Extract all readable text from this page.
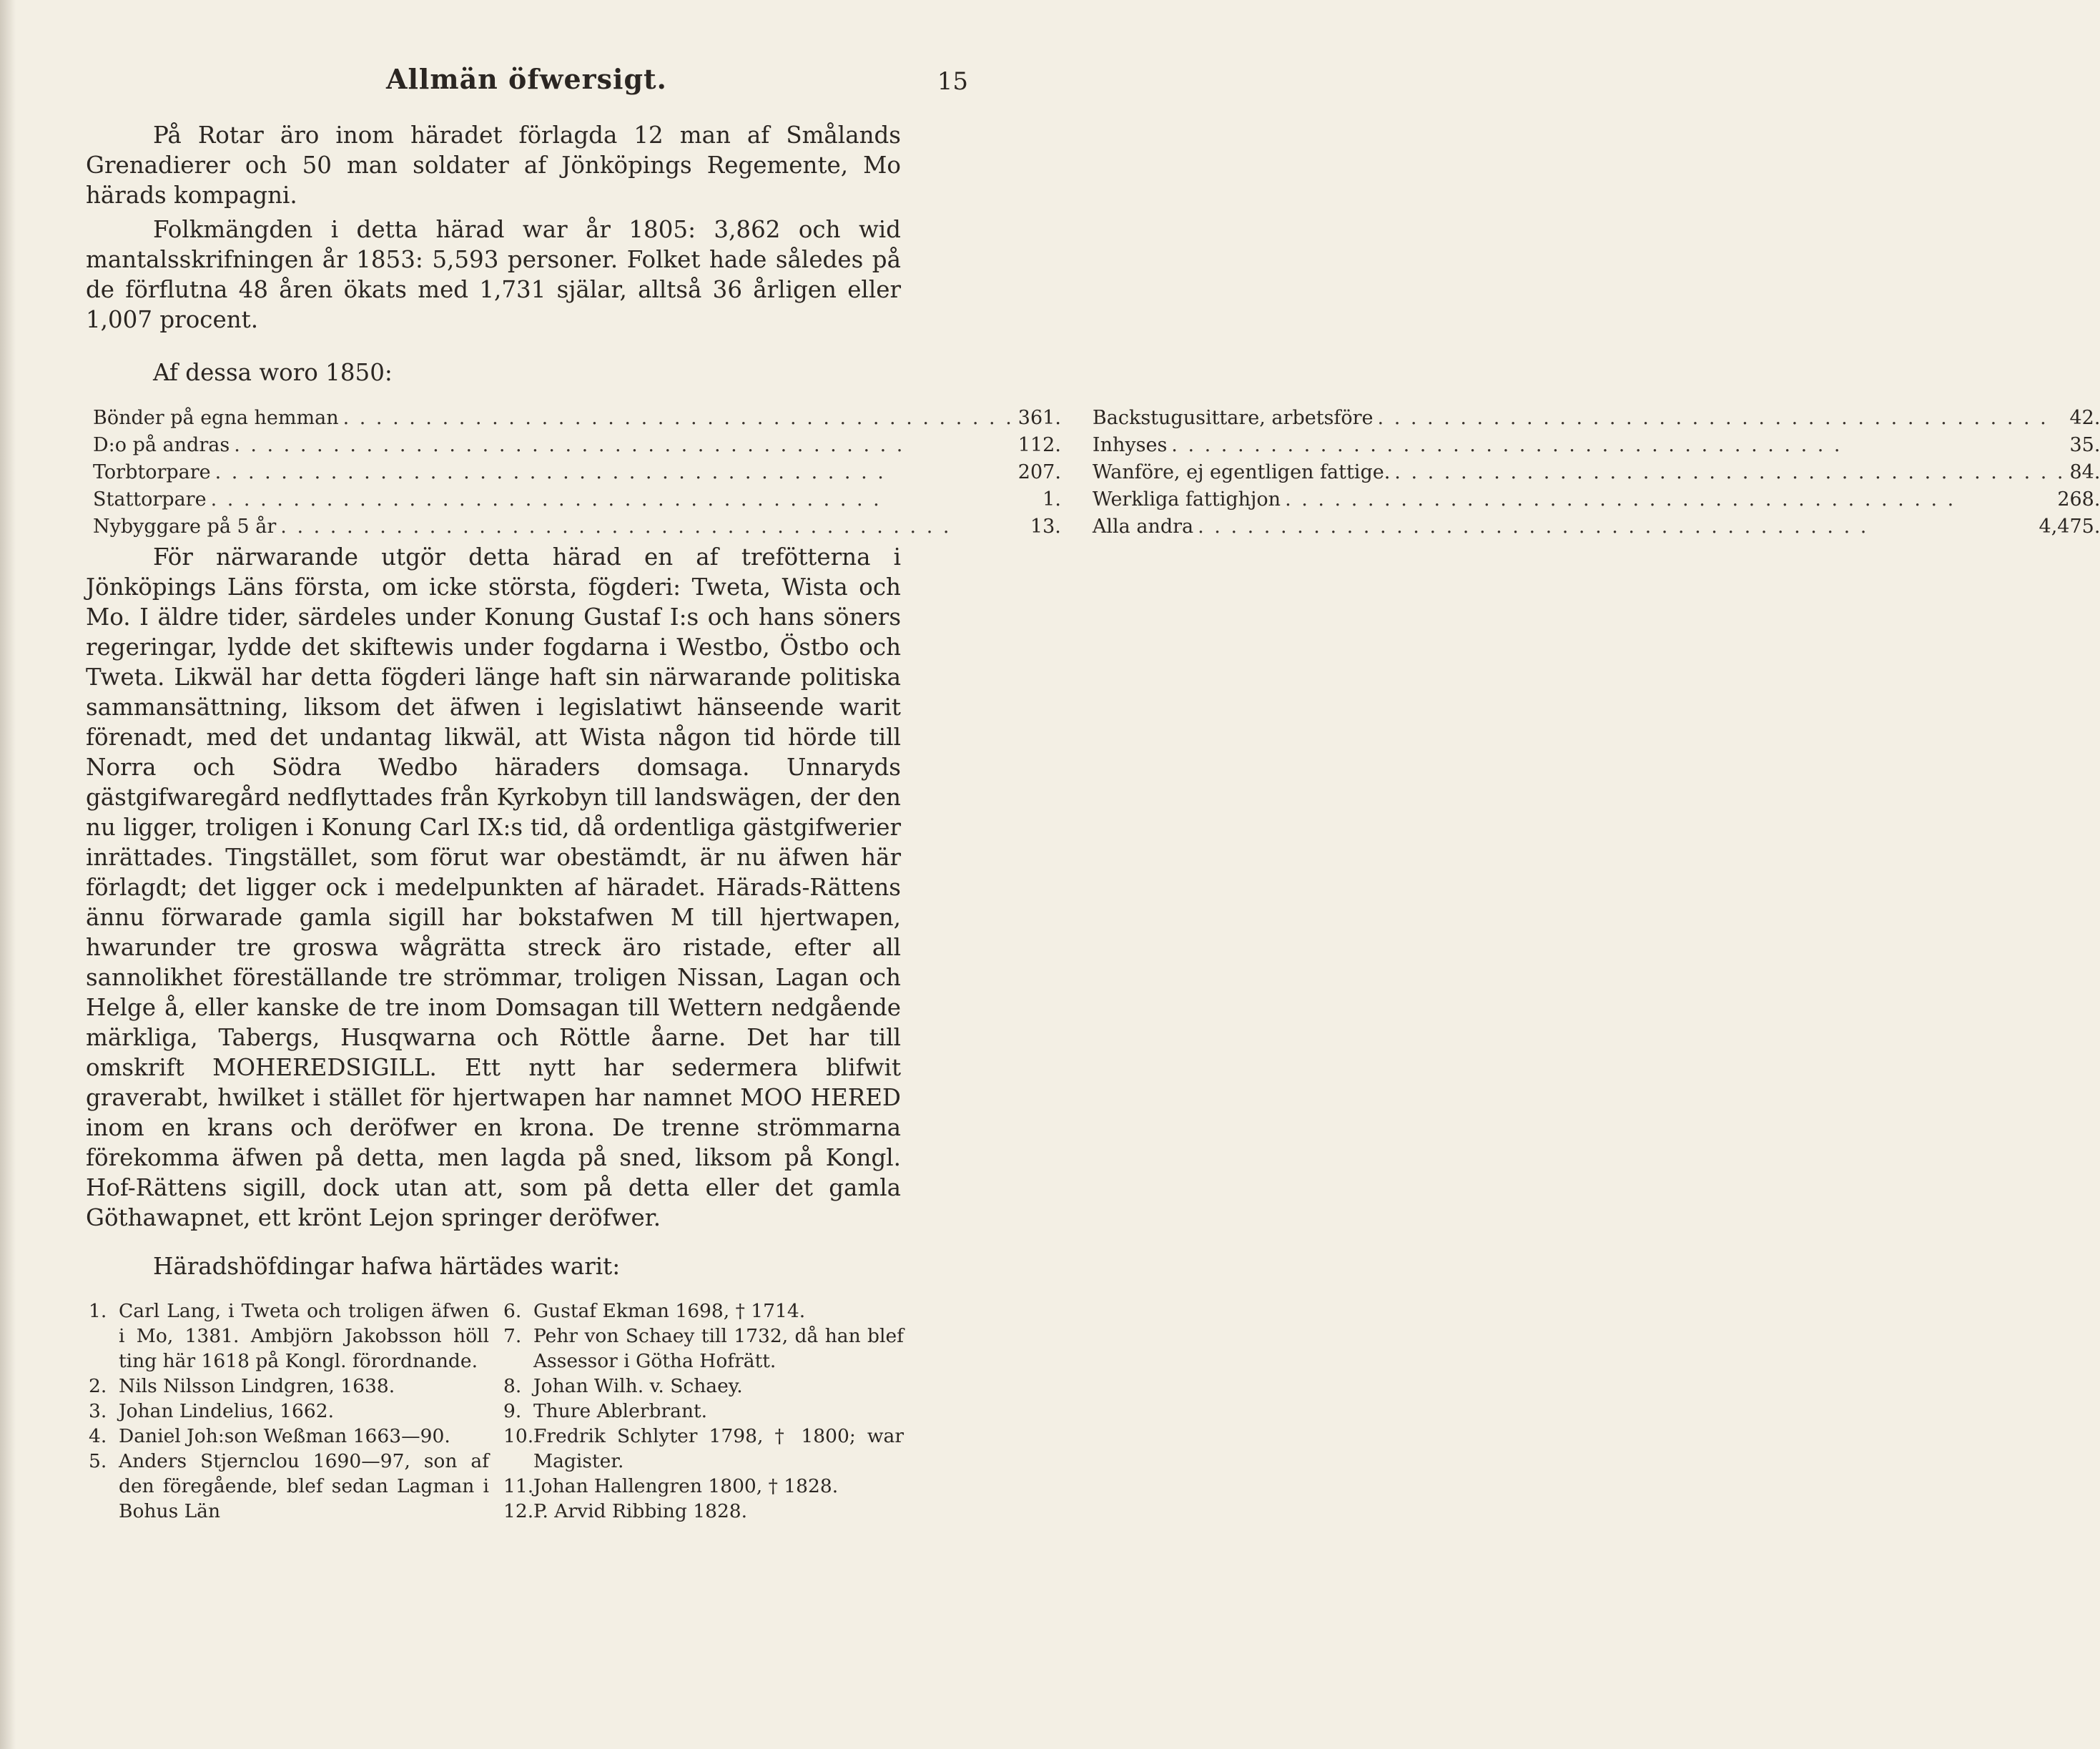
Allmän öfwersigt.	15

På Rotar äro inom häradet förlagda 12 man af Smålands Grenadierer och 50 man soldater af Jönköpings Regemente, Mo härads kompagni.

Folkmängden i detta härad war år 1805: 3,862 och wid mantalsskrifningen år 1853: 5,593 personer. Folket hade således på de förflutna 48 åren ökats med 1,731 själar, alltså 36 årligen eller 1,007 procent.

Af dessa woro 1850:

Bönder på egna hemman . . .	361. Backstugusittare, arbetsföre . . .	42.
D:o på andras . . .	112. Inhyses . . .	35.
Torbtorpare . . .	207. Wanföre, ej egentligen fattige. . . .	84.
Stattorpare . . .	1. Werkliga fattighjon . . .	268.
Nybyggare på 5 år . . .	13. Alla andra . . .	4,475.

För närwarande utgör detta härad en af trefötterna i Jönköpings Läns första, om icke största, fögderi: Tweta, Wista och Mo. I äldre tider, särdeles under Konung Gustaf I:s och hans söners regeringar, lydde det skiftewis under fogdarna i Westbo, Östbo och Tweta. Likwäl har detta fögderi länge haft sin närwarande politiska sammansättning, liksom det äfwen i legislatiwt hänseende warit förenadt, med det undantag likwäl, att Wista någon tid hörde till Norra och Södra Wedbo häraders domsaga. Unnaryds gästgifwaregård nedflyttades från Kyrkobyn till landswägen, der den nu ligger, troligen i Konung Carl IX:s tid, då ordentliga gästgifwerier inrättades. Tingstället, som förut war obestämdt, är nu äfwen här förlagdt; det ligger ock i medelpunkten af häradet. Härads-Rättens ännu förwarade gamla sigill har bokstafwen M till hjertwapen, hwarunder tre groswa wågrätta streck äro ristade, efter all sannolikhet föreställande tre strömmar, troligen Nissan, Lagan och Helge å, eller kanske de tre inom Domsagan till Wettern nedgående märkliga, Tabergs, Husqwarna och Röttle åarne. Det har till omskrift MOHEREDSIGILL. Ett nytt har sedermera blifwit graverabt, hwilket i stället för hjertwapen har namnet MOO HERED inom en krans och deröfwer en krona. De trenne strömmarna förekomma äfwen på detta, men lagda på sned, liksom på Kongl. Hof-Rättens sigill, dock utan att, som på detta eller det gamla Göthawapnet, ett krönt Lejon springer deröfwer.

Häradshöfdingar hafwa härtädes warit:

1. Carl Lang, i Tweta och troligen äfwen i Mo, 1381. Ambjörn Jakobsson höll ting här 1618 på Kongl. förordnande.
2. Nils Nilsson Lindgren, 1638.
3. Johan Lindelius, 1662.
4. Daniel Joh:son Weßman 1663—90.
5. Anders Stjernclou 1690—97, son af den föregående, blef sedan Lagman i Bohus Län
6. Gustaf Ekman 1698, † 1714.
7. Pehr von Schaey till 1732, då han blef Assessor i Götha Hofrätt.
8. Johan Wilh. v. Schaey.
9. Thure Ablerbrant.
10. Fredrik Schlyter 1798, † 1800; war Magister.
11. Johan Hallengren 1800, † 1828.
12. P. Arvid Ribbing 1828.
